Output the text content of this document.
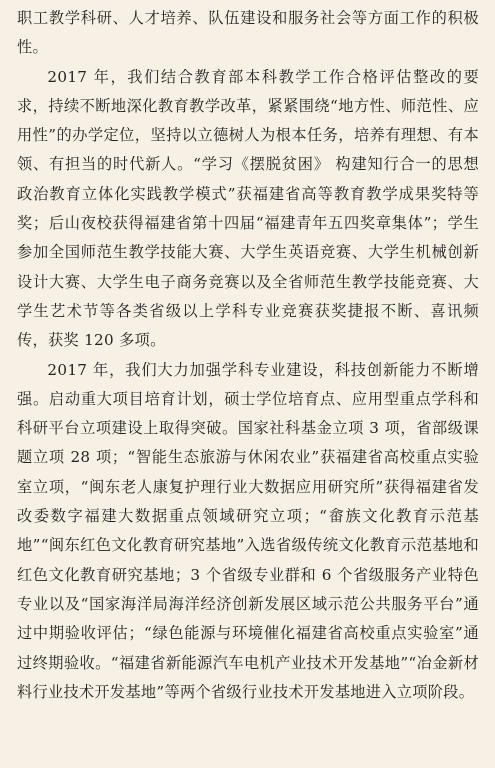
职工教学科研、人才培养、队伍建设和服务社会等方面工作的积极性。

2017 年，我们结合教育部本科教学工作合格评估整改的要求，持续不断地深化教育教学改革，紧紧围绕“地方性、师范性、应用性”的办学定位，坚持以立德树人为根本任务，培养有理想、有本领、有担当的时代新人。“学习《摆脱贫困》 构建知行合一的思想政治教育立体化实践教学模式”获福建省高等教育教学成果奖特等奖；后山夜校获得福建省第十四届“福建青年五四奖章集体”；学生参加全国师范生教学技能大赛、大学生英语竞赛、大学生机械创新设计大赛、大学生电子商务竞赛以及全省师范生教学技能竞赛、大学生艺术节等各类省级以上学科专业竞赛获奖捷报不断、喜讯频传，获奖 120 多项。

2017 年，我们大力加强学科专业建设，科技创新能力不断增强。启动重大项目培育计划，硕士学位培育点、应用型重点学科和科研平台立项建设上取得突破。国家社科基金立项 3 项，省部级课题立项 28 项；“智能生态旅游与休闲农业”获福建省高校重点实验室立项，“闽东老人康复护理行业大数据应用研究所”获得福建省发改委数字福建大数据重点领域研究立项；“畲族文化教育示范基地”“闽东红色文化教育研究基地”入选省级传统文化教育示范基地和红色文化教育研究基地；3 个省级专业群和 6 个省级服务产业特色专业以及“国家海洋局海洋经济创新发展区域示范公共服务平台”通过中期验收评估；“绿色能源与环境催化福建省高校重点实验室”通过终期验收。“福建省新能源汽车电机产业技术开发基地”“冶金新材料行业技术开发基地”等两个省级行业技术开发基地进入立项阶段。
